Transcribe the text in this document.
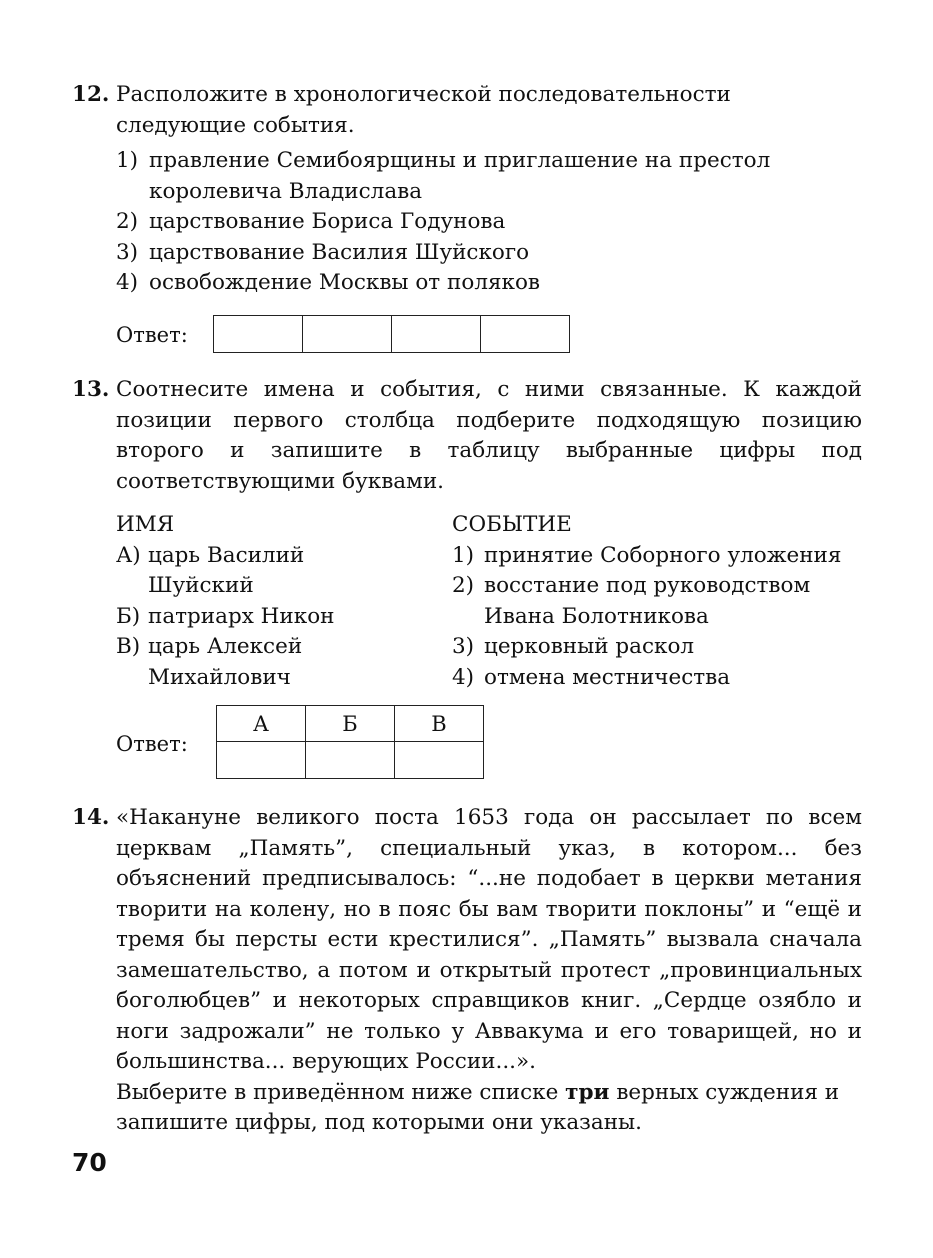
12. Расположите в хронологической последовательности следующие события.
1) правление Семибоярщины и приглашение на престол королевича Владислава
2) царствование Бориса Годунова
3) царствование Василия Шуйского
4) освобождение Москвы от поляков
Ответ:

13. Соотнесите имена и события, с ними связанные. К каждой позиции первого столбца подберите подходящую позицию второго и запишите в таблицу выбранные цифры под соответствующими буквами.
ИМЯ
А) царь Василий
Шуйский
Б) патриарх Никон
В) царь Алексей
Михайлович
СОБЫТИЕ
1) принятие Соборного уложения
2) восстание под руководством
Ивана Болотникова
3) церковный раскол
4) отмена местничества
Ответ:
А	Б	В

14. «Накануне великого поста 1653 года он рассылает по всем церквам „Память”, специальный указ, в котором... без объяснений предписывалось: “...не подобает в церкви метания творити на колену, но в пояс бы вам творити поклоны” и “ещё и тремя бы персты ести крестилися”. „Память” вызвала сначала замешательство, а потом и открытый протест „провинциальных боголюбцев” и некоторых справщиков книг. „Сердце озябло и ноги задрожали” не только у Аввакума и его товарищей, но и большинства... верующих России...».
Выберите в приведённом ниже списке три верных суждения и запишите цифры, под которыми они указаны.
70
